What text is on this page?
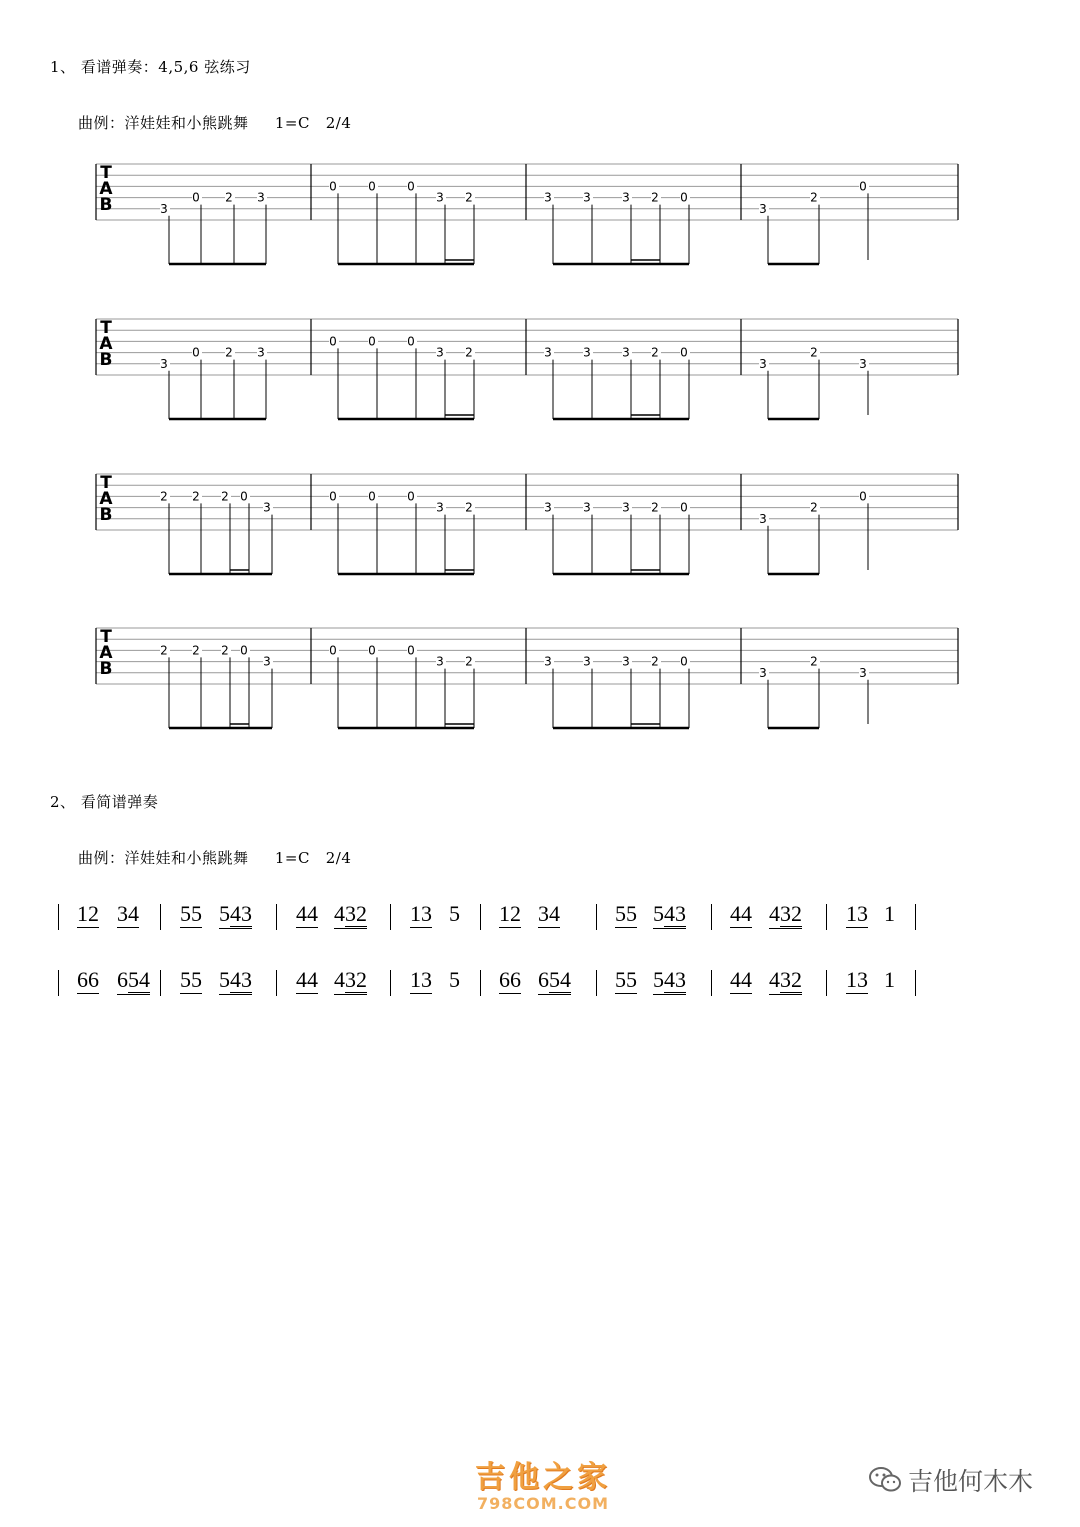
1、 看谱弹奏：4,5,6 弦练习
曲例：洋娃娃和小熊跳舞     1=C   2/4
T
A
B	3
0 2 3
0	0	0
3 2	3	3	3 2 0
3
2
0
T
A
B	3
0 2 3
0	0	0
3 2	3	3	3 2 0
3
2
3
T
A
B
2 2 2 0
3
0	0	0
3 2	3	3	3 2 0
3
2
0
T
A
B
2 2 2 0
3
0	0	0
3 2	3	3	3 2 0
3
2
3
2、 看简谱弹奏
曲例：洋娃娃和小熊跳舞     1=C   2/4
12 34 55 543 44 432 13 5 12 34	55 543 44 432 13 1
66 654 55 543 44 432 13 5 66 654 55 543 44 432 13 1
吉他之家
798COM.COM
吉他何木木
